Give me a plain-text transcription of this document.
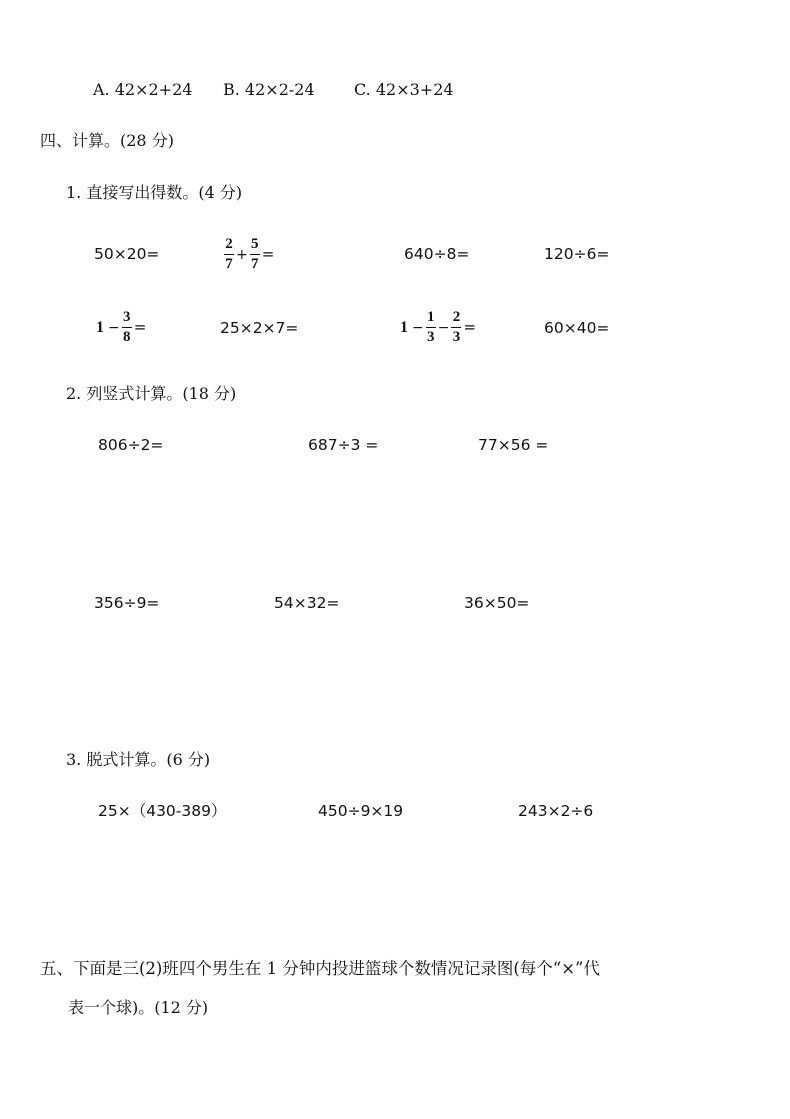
A. 42×2+24 B. 42×2-24 C. 42×3+24
四、计算。(28 分)
1. 直接写出得数。(4 分)
50×20=	$\frac{2}{7} + \frac{5}{7}$ =	640÷8=	120÷6=
$1 - \frac{3}{8}$ =	25×2×7=	$1 - \frac{1}{3} - \frac{2}{3}$ =	60×40=
2. 列竖式计算。(18 分)
806÷2=	687÷3 =	77×56 =
356÷9=	54×32=	36×50=
3. 脱式计算。(6 分)
25×（430-389）	450÷9×19	243×2÷6
五、下面是三(2)班四个男生在 1 分钟内投进篮球个数情况记录图(每个“×”代
表一个球)。(12 分)
